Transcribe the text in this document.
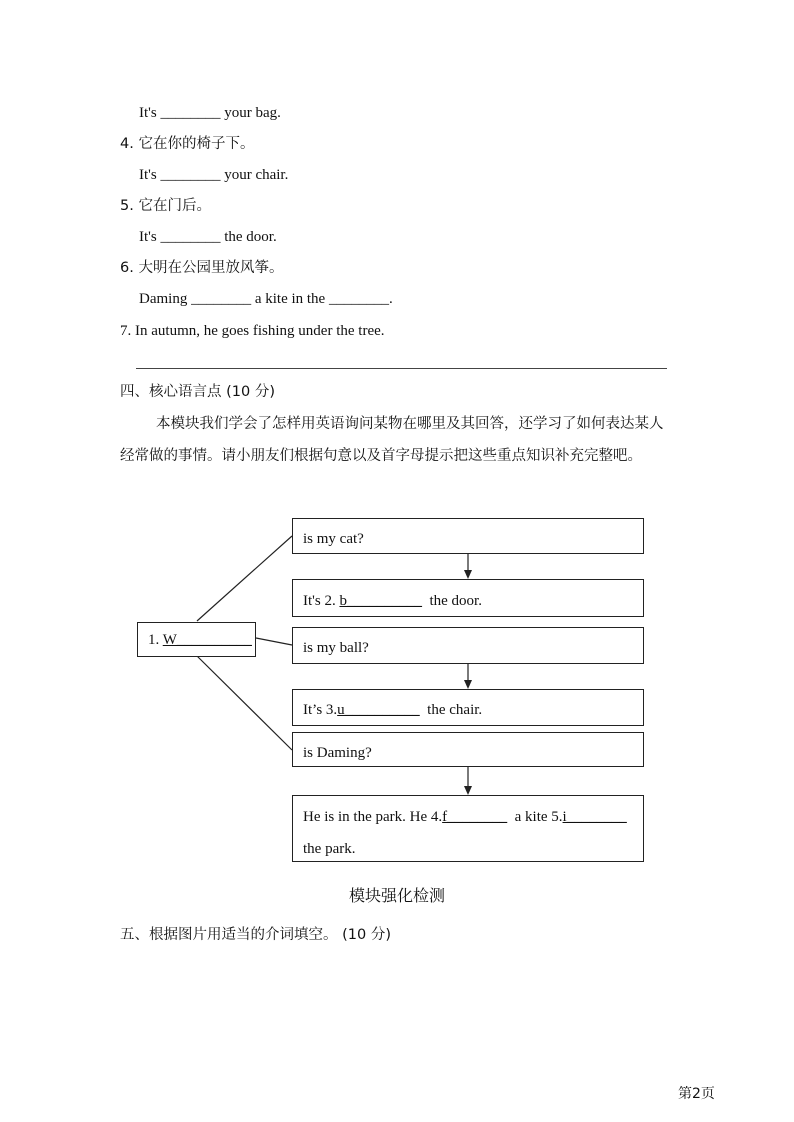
It's ________ your bag.
4. 它在你的椅子下。
It's ________ your chair.
5. 它在门后。
It's ________ the door.
6. 大明在公园里放风筝。
Daming ________ a kite in the ________.
7. In autumn, he goes fishing under the tree.
四、核心语言点 (10 分)
本模块我们学会了怎样用英语询问某物在哪里及其回答，还学习了如何表达某人经常做的事情。请小朋友们根据句意以及首字母提示把这些重点知识补充完整吧。
1. W__________
is my cat?
It's 2. b__________  the door.
is my ball?
It’s 3.u__________  the chair.
is Daming?
He is in the park. He 4.f________  a kite 5.i________
the park.
模块强化检测
五、根据图片用适当的介词填空。 (10 分)
第2页
